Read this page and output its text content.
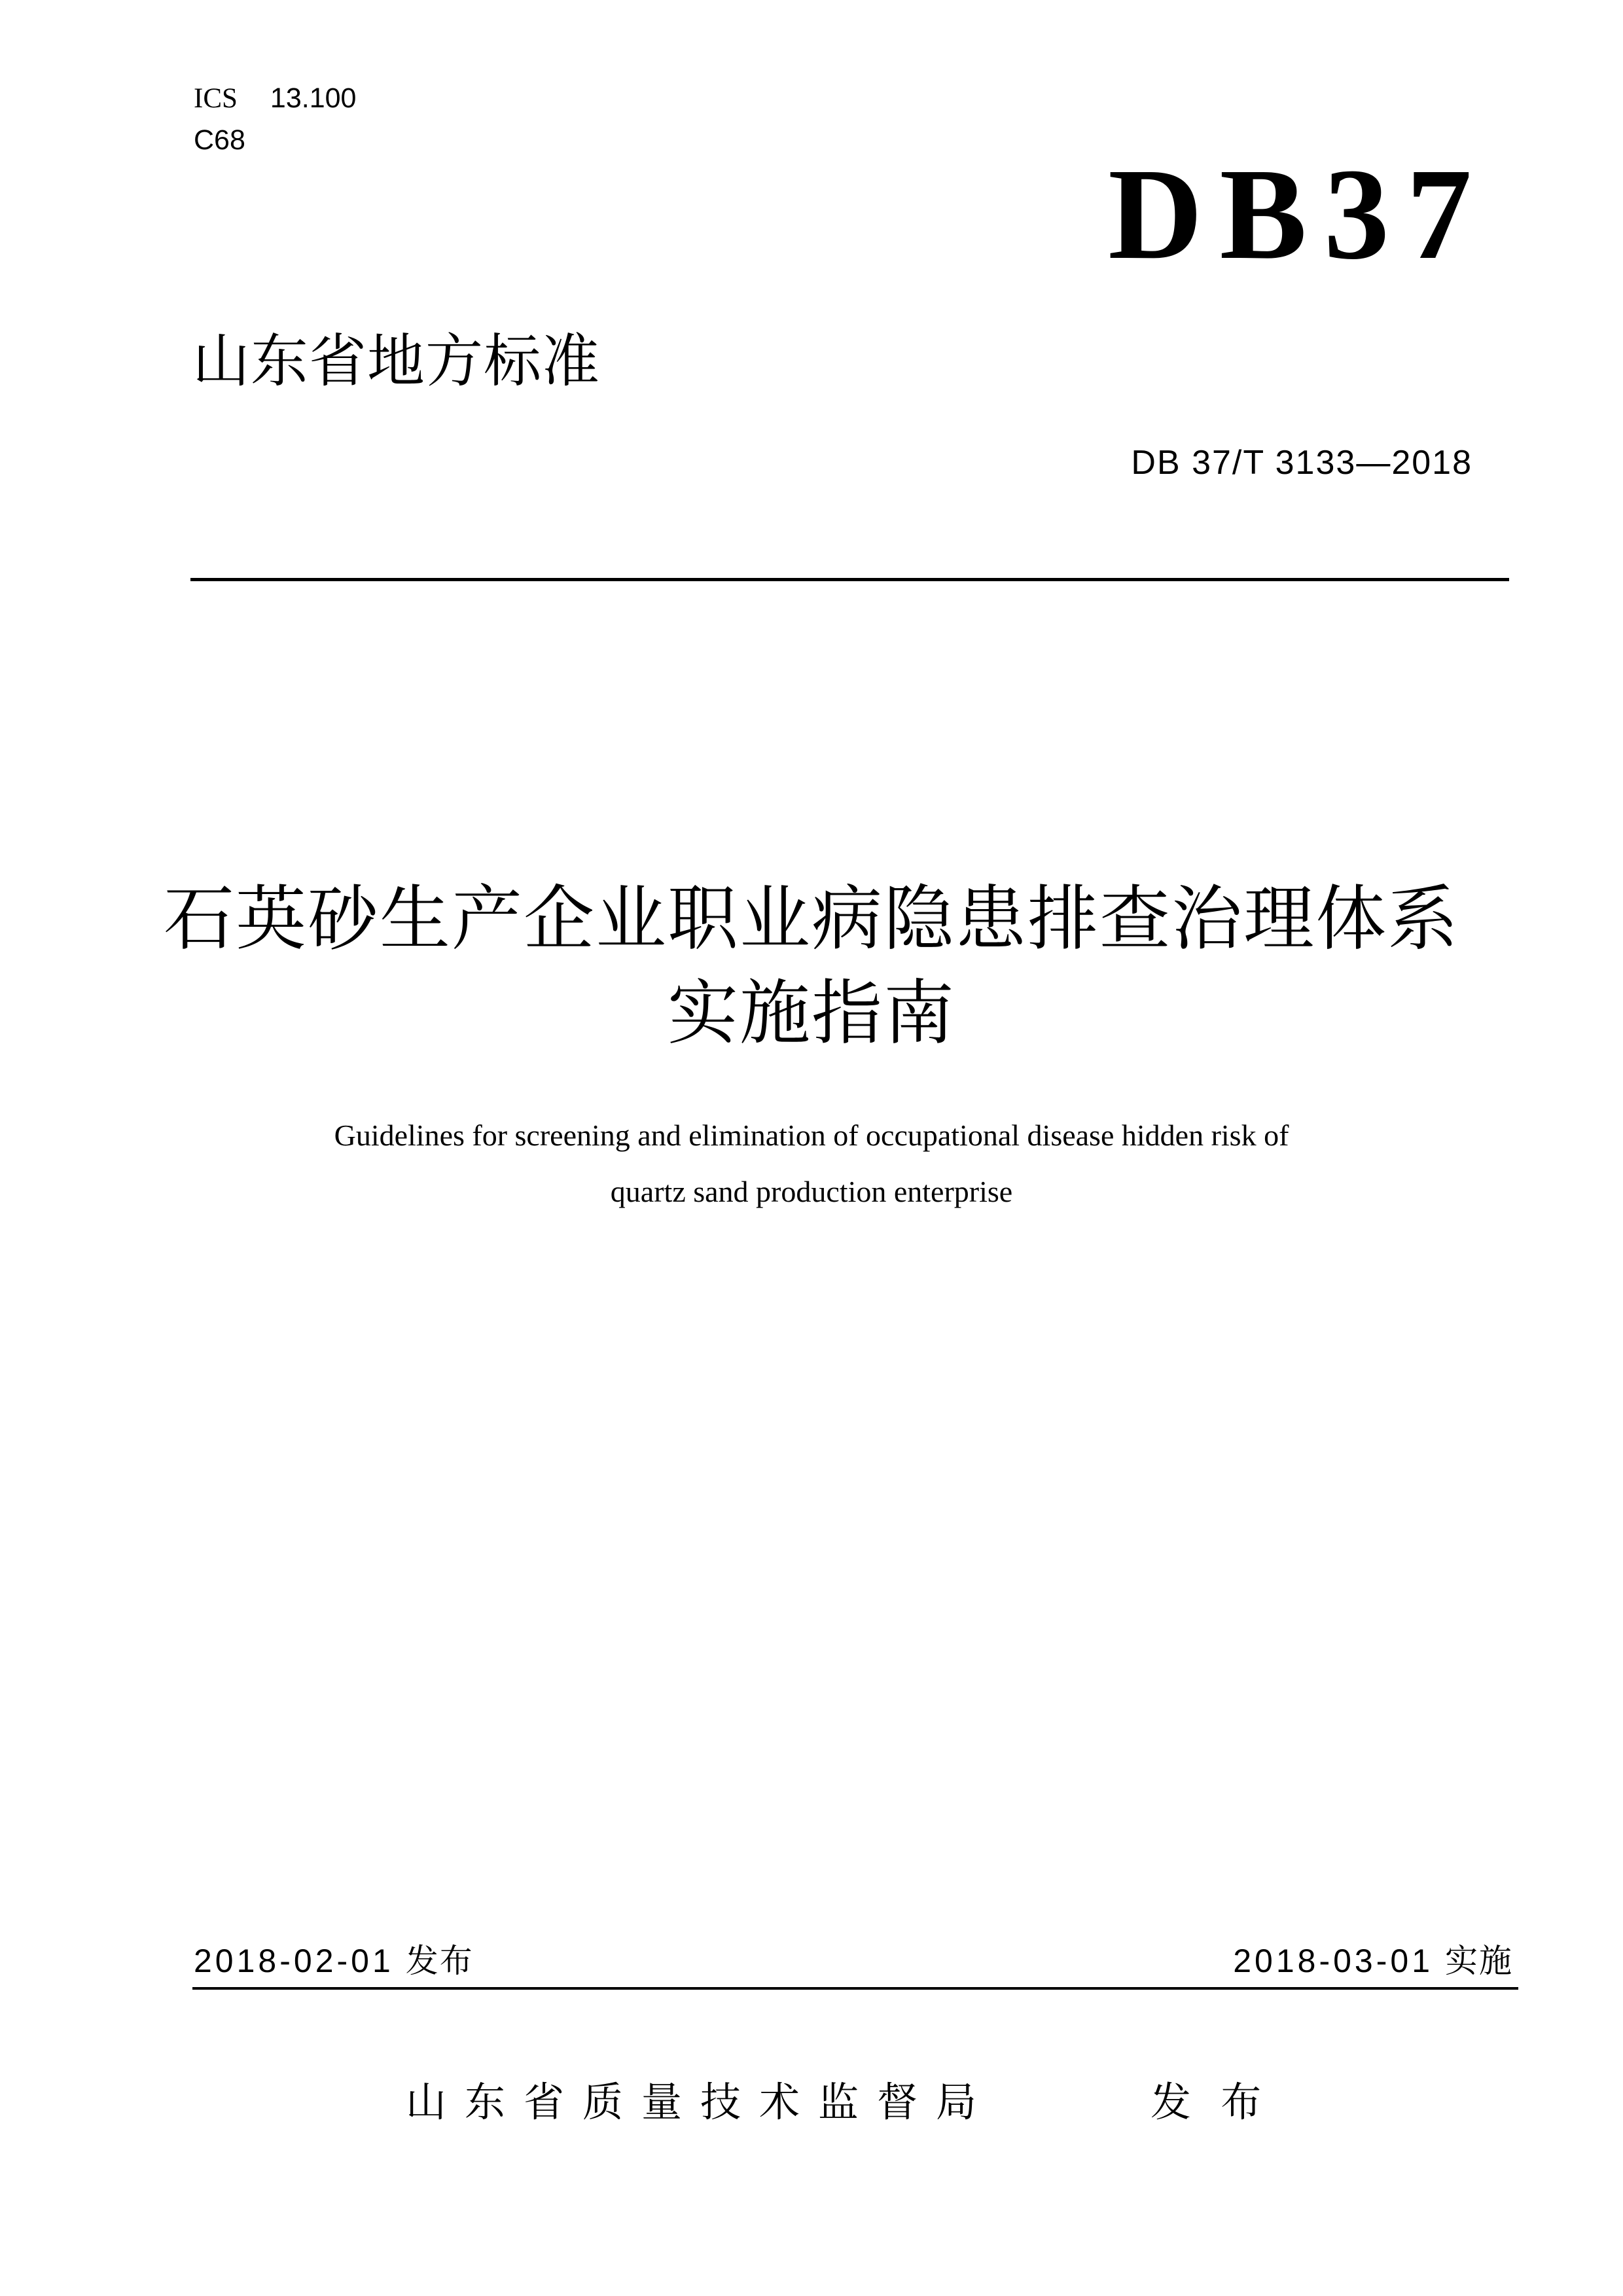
ICS 13.100
C68
DB37
山东省地方标准
DB 37/T 3133—2018
石英砂生产企业职业病隐患排查治理体系
实施指南
Guidelines for screening and elimination of occupational disease hidden risk of
quartz sand production enterprise
2018-02-01 发布	2018-03-01 实施
山东省质量技术监督局	发 布
